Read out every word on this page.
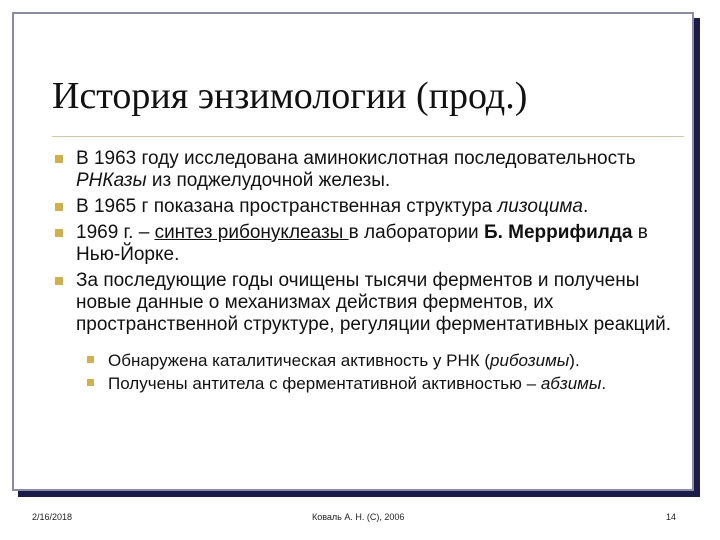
История энзимологии (прод.)

В 1963 году исследована аминокислотная последовательность РНКазы из поджелудочной железы.

В 1965 г показана пространственная структура лизоцима.

1969 г. – синтез рибонуклеазы в лаборатории Б. Меррифилда в Нью-Йорке.

За последующие годы очищены тысячи ферментов и получены новые данные о механизмах действия ферментов, их пространственной структуре, регуляции ферментативных реакций.

Обнаружена каталитическая активность у РНК (рибозимы).

Получены антитела с ферментативной активностью – абзимы.

2/16/2018	Коваль А. Н. (C), 2006	14
